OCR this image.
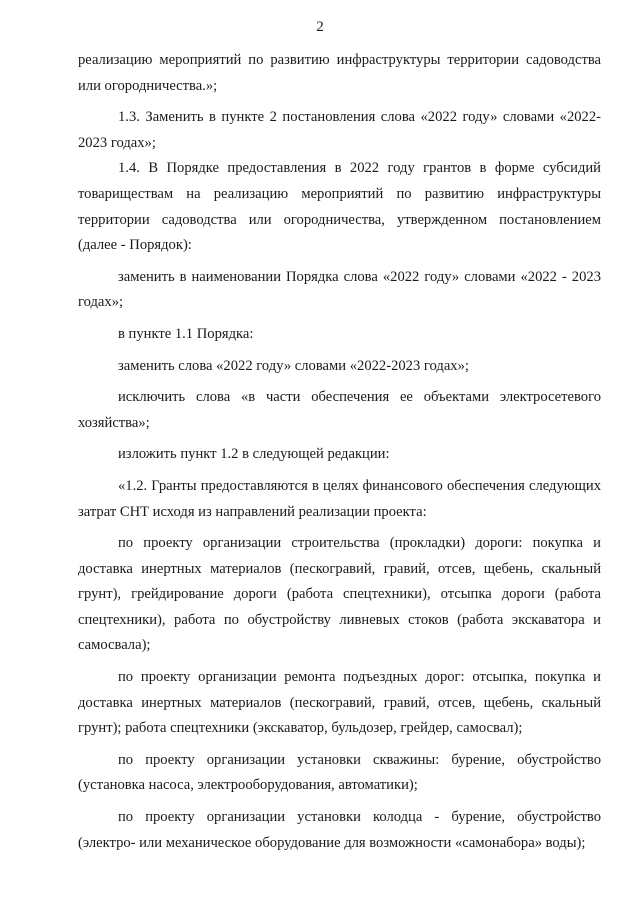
2

реализацию мероприятий по развитию инфраструктуры территории садоводства или огородничества.»;

1.3. Заменить в пункте 2 постановления слова «2022 году» словами «2022-2023 годах»;

1.4. В Порядке предоставления в 2022 году грантов в форме субсидий товариществам на реализацию мероприятий по развитию инфраструктуры территории садоводства или огородничества, утвержденном постановлением (далее - Порядок):

заменить в наименовании Порядка слова «2022 году» словами «2022 - 2023 годах»;

в пункте 1.1 Порядка:

заменить слова «2022 году» словами «2022-2023 годах»;

исключить слова «в части обеспечения ее объектами электросетевого хозяйства»;

изложить пункт 1.2 в следующей редакции:

«1.2. Гранты предоставляются в целях финансового обеспечения следующих затрат СНТ исходя из направлений реализации проекта:

по проекту организации строительства (прокладки) дороги: покупка и доставка инертных материалов (пескогравий, гравий, отсев, щебень, скальный грунт), грейдирование дороги (работа спецтехники), отсыпка дороги (работа спецтехники), работа по обустройству ливневых стоков (работа экскаватора и самосвала);

по проекту организации ремонта подъездных дорог: отсыпка, покупка и доставка инертных материалов (пескогравий, гравий, отсев, щебень, скальный грунт); работа спецтехники (экскаватор, бульдозер, грейдер, самосвал);

по проекту организации установки скважины: бурение, обустройство (установка насоса, электрооборудования, автоматики);

по проекту организации установки колодца - бурение, обустройство (электро- или механическое оборудование для возможности «самонабора» воды);
